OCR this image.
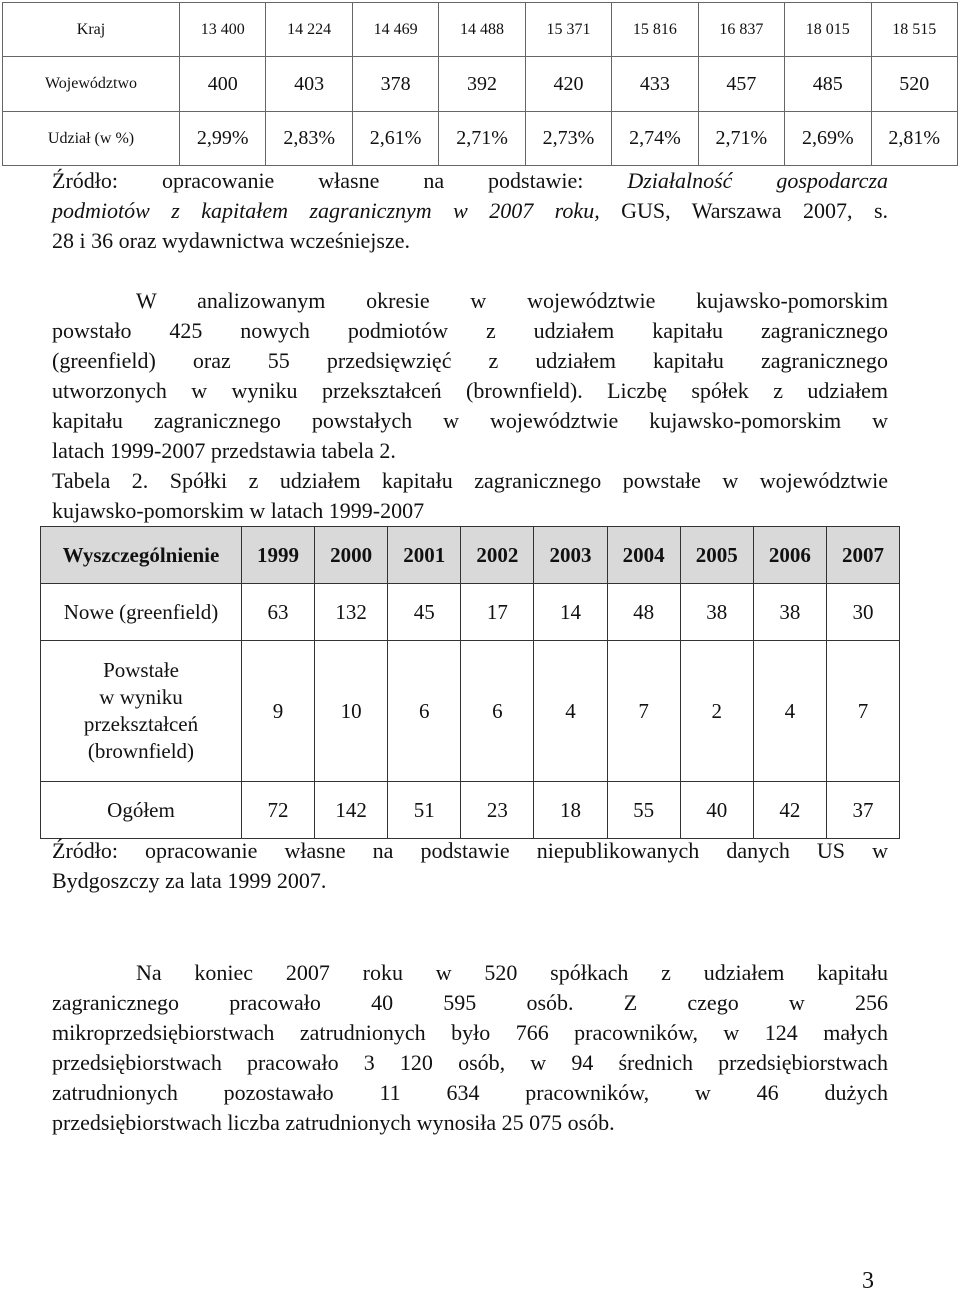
Kraj	13 400	14 224	14 469	14 488	15 371	15 816	16 837	18 015	18 515
Województwo	400	403	378	392	420	433	457	485	520
Udział (w %)	2,99%	2,83%	2,61%	2,71%	2,73%	2,74%	2,71%	2,69%	2,81%
Źródło: opracowanie własne na podstawie: Działalność gospodarcza
podmiotów z kapitałem zagranicznym w 2007 roku, GUS, Warszawa 2007, s.
28 i 36 oraz wydawnictwa wcześniejsze.
W analizowanym okresie w województwie kujawsko-pomorskim
powstało 425 nowych podmiotów z udziałem kapitału zagranicznego
(greenfield) oraz 55 przedsięwzięć z udziałem kapitału zagranicznego
utworzonych w wyniku przekształceń (brownfield). Liczbę spółek z udziałem
kapitału zagranicznego powstałych w województwie kujawsko-pomorskim w
latach 1999-2007 przedstawia tabela 2.
Tabela 2. Spółki z udziałem kapitału zagranicznego powstałe w województwie
kujawsko-pomorskim w latach 1999-2007
Wyszczególnienie	1999	2000	2001	2002	2003	2004	2005	2006	2007
Nowe (greenfield)	63	132	45	17	14	48	38	38	30

Powstałe
w wyniku
przekształceń
(brownfield)	9	10	6	6	4	7	2	4	7
Ogółem	72	142	51	23	18	55	40	42	37
Źródło: opracowanie własne na podstawie niepublikowanych danych US w
Bydgoszczy za lata 1999 2007.
Na koniec 2007 roku w 520 spółkach z udziałem kapitału
zagranicznego pracowało 40 595 osób. Z czego w 256
mikroprzedsiębiorstwach zatrudnionych było 766 pracowników, w 124 małych
przedsiębiorstwach pracowało 3 120 osób, w 94 średnich przedsiębiorstwach
zatrudnionych pozostawało 11 634 pracowników, w 46 dużych
przedsiębiorstwach liczba zatrudnionych wynosiła 25 075 osób.
3
